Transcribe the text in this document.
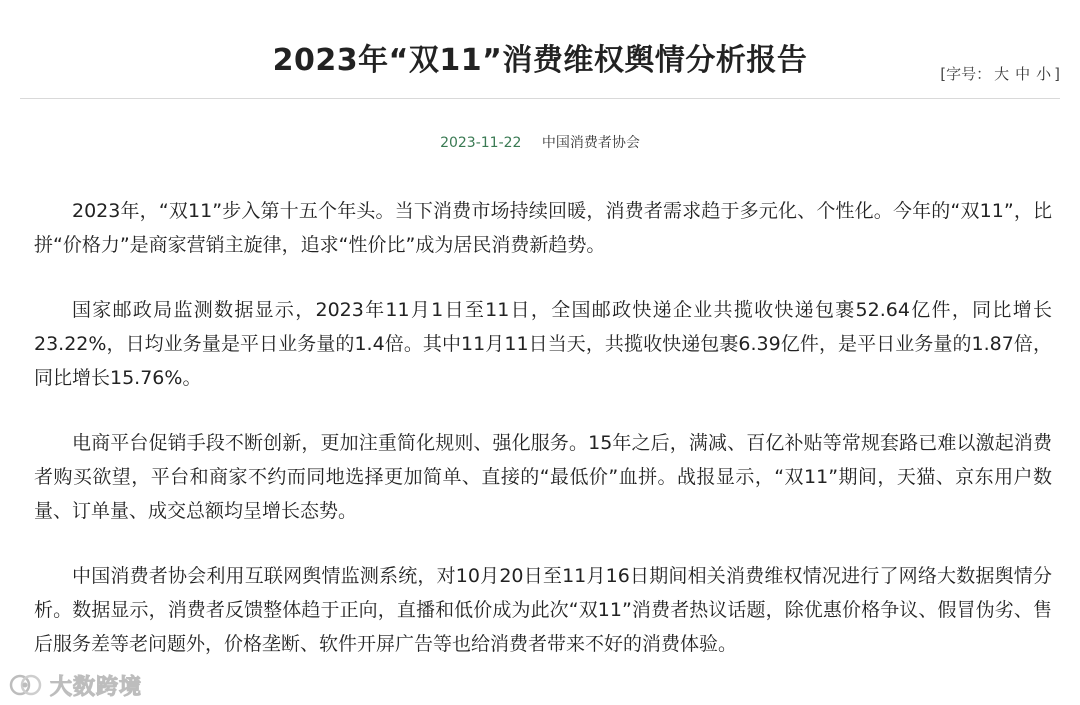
2023年“双11”消费维权舆情分析报告	[字号： 大 中 小 ]
2023-11-22 中国消费者协会

2023年，“双11”步入第十五个年头。当下消费市场持续回暖，消费者需求趋于多元化、个性化。今年的“双11”，比拼“价格力”是商家营销主旋律，追求“性价比”成为居民消费新趋势。

国家邮政局监测数据显示，2023年11月1日至11日，全国邮政快递企业共揽收快递包裹52.64亿件，同比增长23.22%，日均业务量是平日业务量的1.4倍。其中11月11日当天，共揽收快递包裹6.39亿件，是平日业务量的1.87倍，同比增长15.76%。

电商平台促销手段不断创新，更加注重简化规则、强化服务。15年之后，满减、百亿补贴等常规套路已难以激起消费者购买欲望，平台和商家不约而同地选择更加简单、直接的“最低价”血拼。战报显示，“双11”期间，天猫、京东用户数量、订单量、成交总额均呈增长态势。

中国消费者协会利用互联网舆情监测系统，对10月20日至11月16日期间相关消费维权情况进行了网络大数据舆情分析。数据显示，消费者反馈整体趋于正向，直播和低价成为此次“双11”消费者热议话题，除优惠价格争议、假冒伪劣、售后服务差等老问题外，价格垄断、软件开屏广告等也给消费者带来不好的消费体验。

大数跨境
